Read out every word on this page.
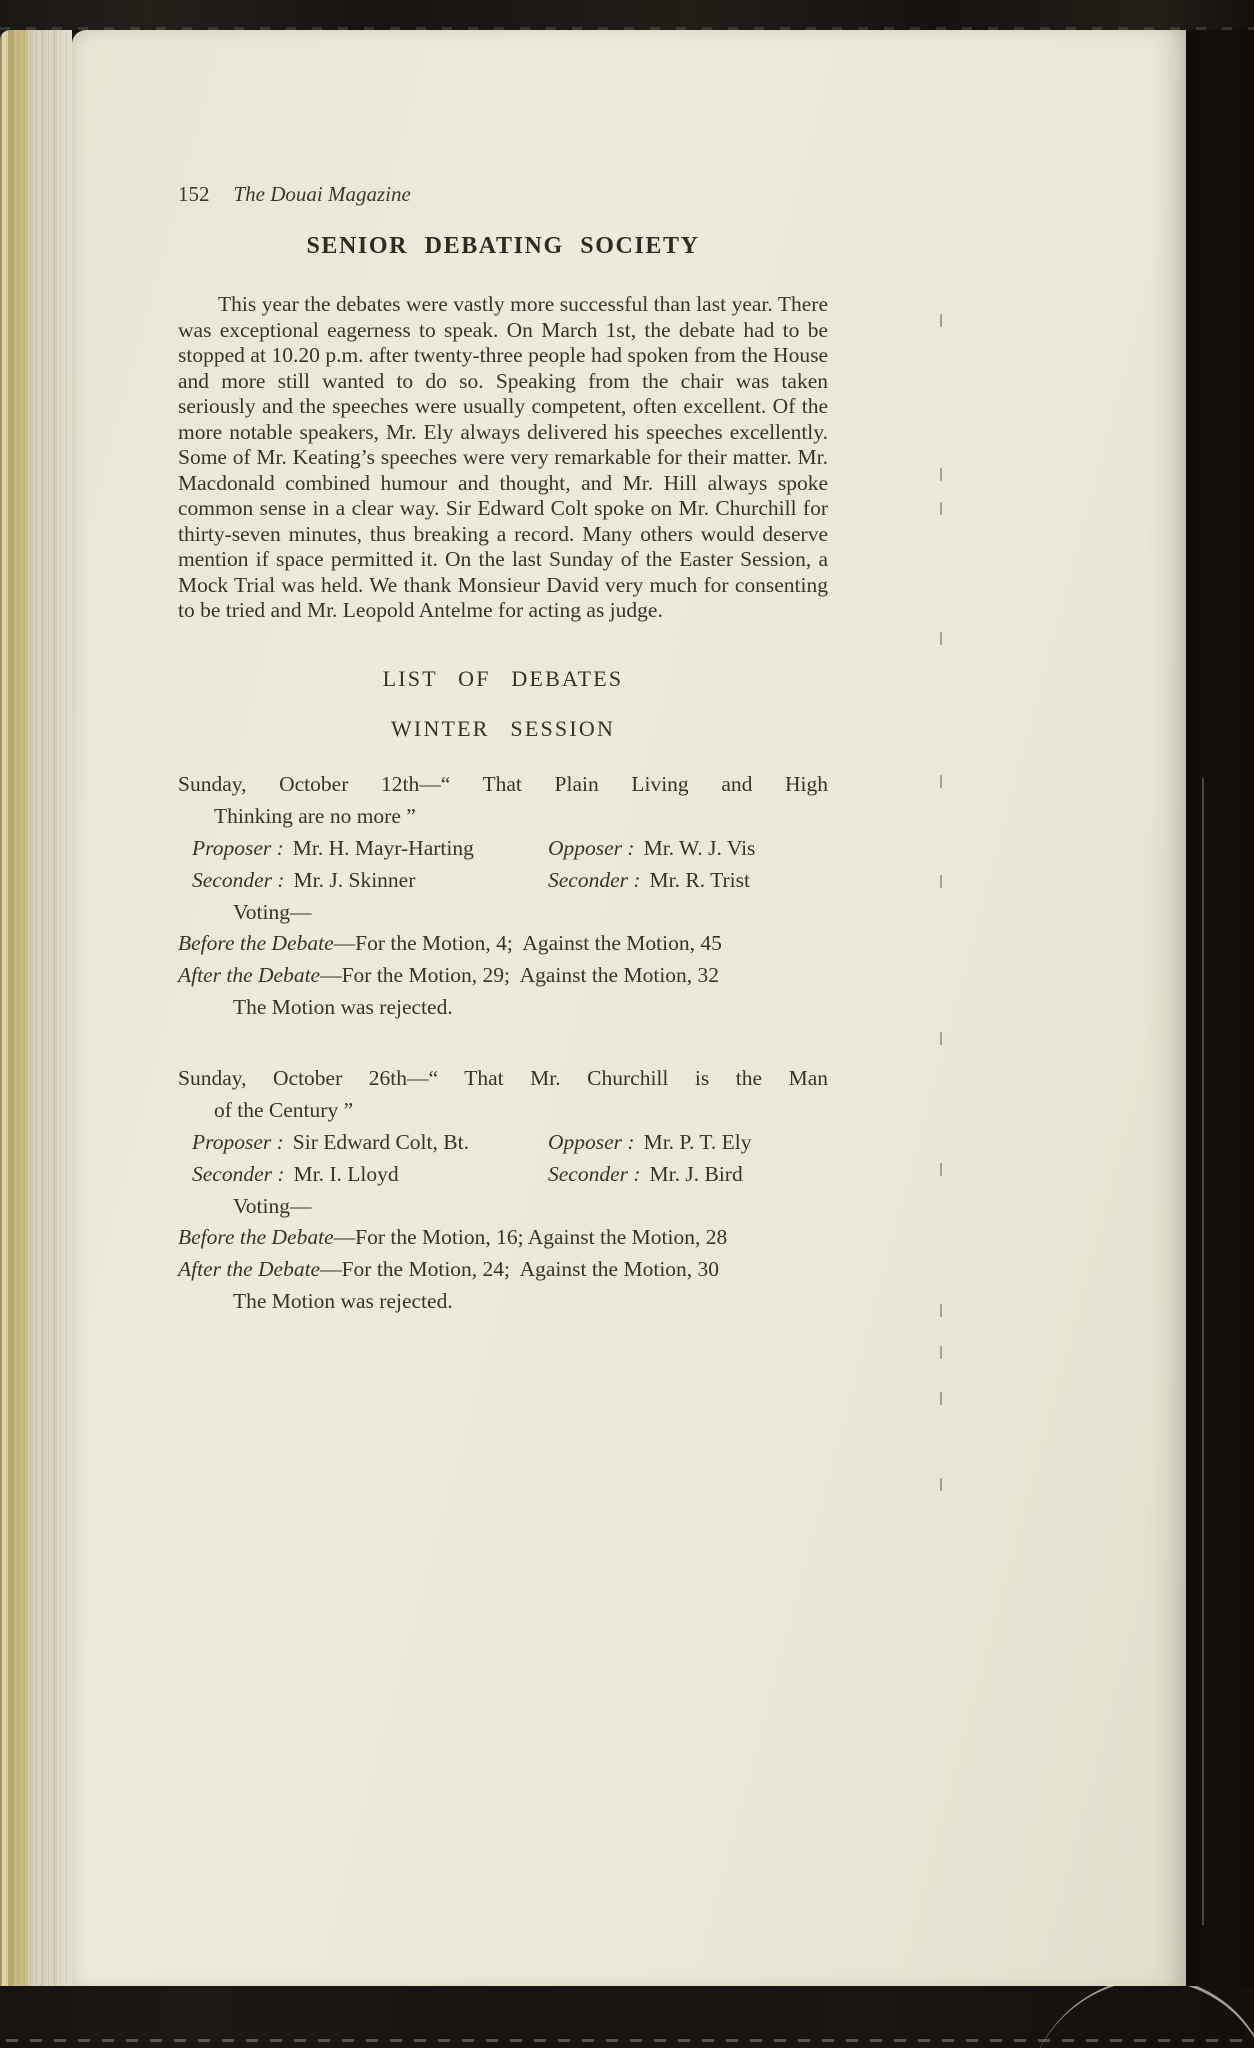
152 The Douai Magazine
SENIOR DEBATING SOCIETY

This year the debates were vastly more successful than last year. There was exceptional eagerness to speak. On March 1st, the debate had to be stopped at 10.20 p.m. after twenty-three people had spoken from the House and more still wanted to do so. Speaking from the chair was taken seriously and the speeches were usually competent, often excellent. Of the more notable speakers, Mr. Ely always delivered his speeches excellently. Some of Mr. Keating’s speeches were very remarkable for their matter. Mr. Macdonald combined humour and thought, and Mr. Hill always spoke common sense in a clear way. Sir Edward Colt spoke on Mr. Churchill for thirty-seven minutes, thus breaking a record. Many others would deserve mention if space permitted it. On the last Sunday of the Easter Session, a Mock Trial was held. We thank Monsieur David very much for consenting to be tried and Mr. Leopold Antelme for acting as judge.

LIST OF DEBATES
WINTER SESSION

Sunday, October 12th—“ That Plain Living and High

Thinking are no more ”

Proposer : Mr. H. Mayr-Harting	Opposer : Mr. W. J. Vis
Seconder : Mr. J. Skinner	Seconder : Mr. R. Trist

Voting—

Before the Debate—For the Motion, 4;  Against the Motion, 45

After the Debate—For the Motion, 29;  Against the Motion, 32

The Motion was rejected.

Sunday, October 26th—“ That Mr. Churchill is the Man

of the Century ”

Proposer : Sir Edward Colt, Bt.	Opposer : Mr. P. T. Ely
Seconder : Mr. I. Lloyd	Seconder : Mr. J. Bird

Voting—

Before the Debate—For the Motion, 16; Against the Motion, 28

After the Debate—For the Motion, 24;  Against the Motion, 30

The Motion was rejected.
